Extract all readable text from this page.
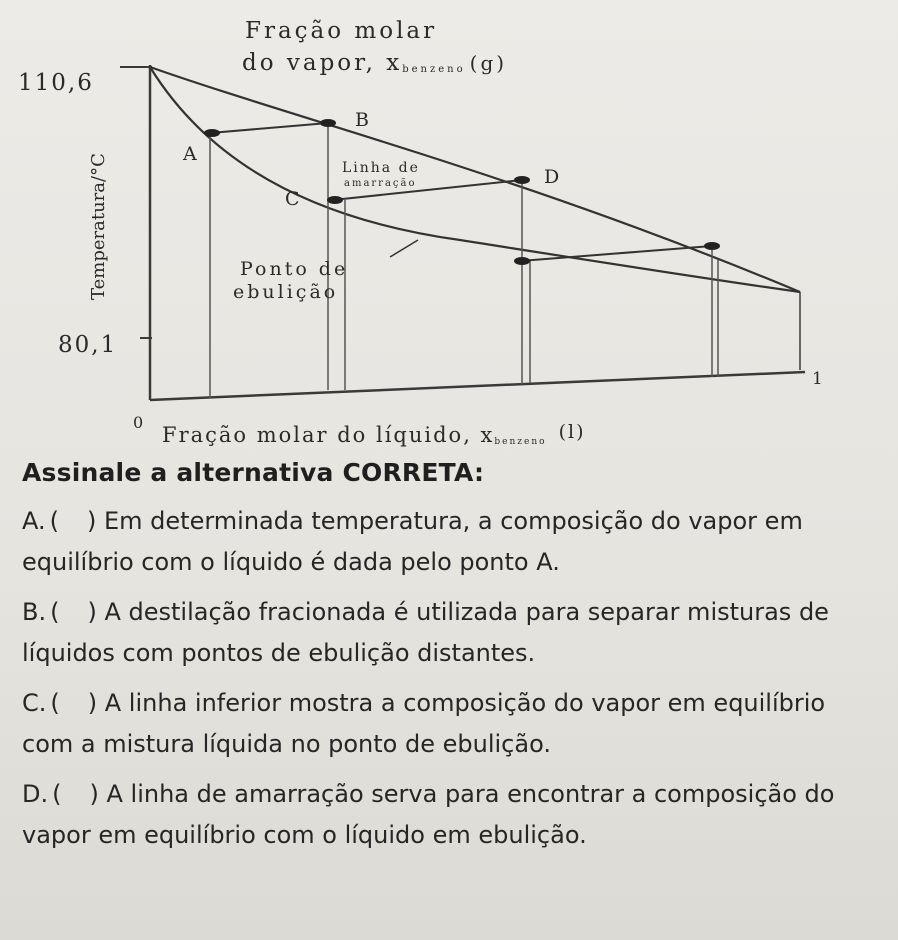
Fração molar
do vapor, xbenzeno (g)
110,6
80,1
Temperatura/°C	A
B
C
D
Linha de
amarração
Ponto de
ebulição
0
1
Fração molar do líquido, xbenzeno (l)
Assinale a alternativa CORRETA:
A. ( ) Em determinada temperatura, a composição do vapor em equilíbrio com o líquido é dada pelo ponto A.
B. ( ) A destilação fracionada é utilizada para separar misturas de líquidos com pontos de ebulição distantes.
C. ( ) A linha inferior mostra a composição do vapor em equilíbrio com a mistura líquida no ponto de ebulição.
D. ( ) A linha de amarração serva para encontrar a composição do vapor em equilíbrio com o líquido em ebulição.
